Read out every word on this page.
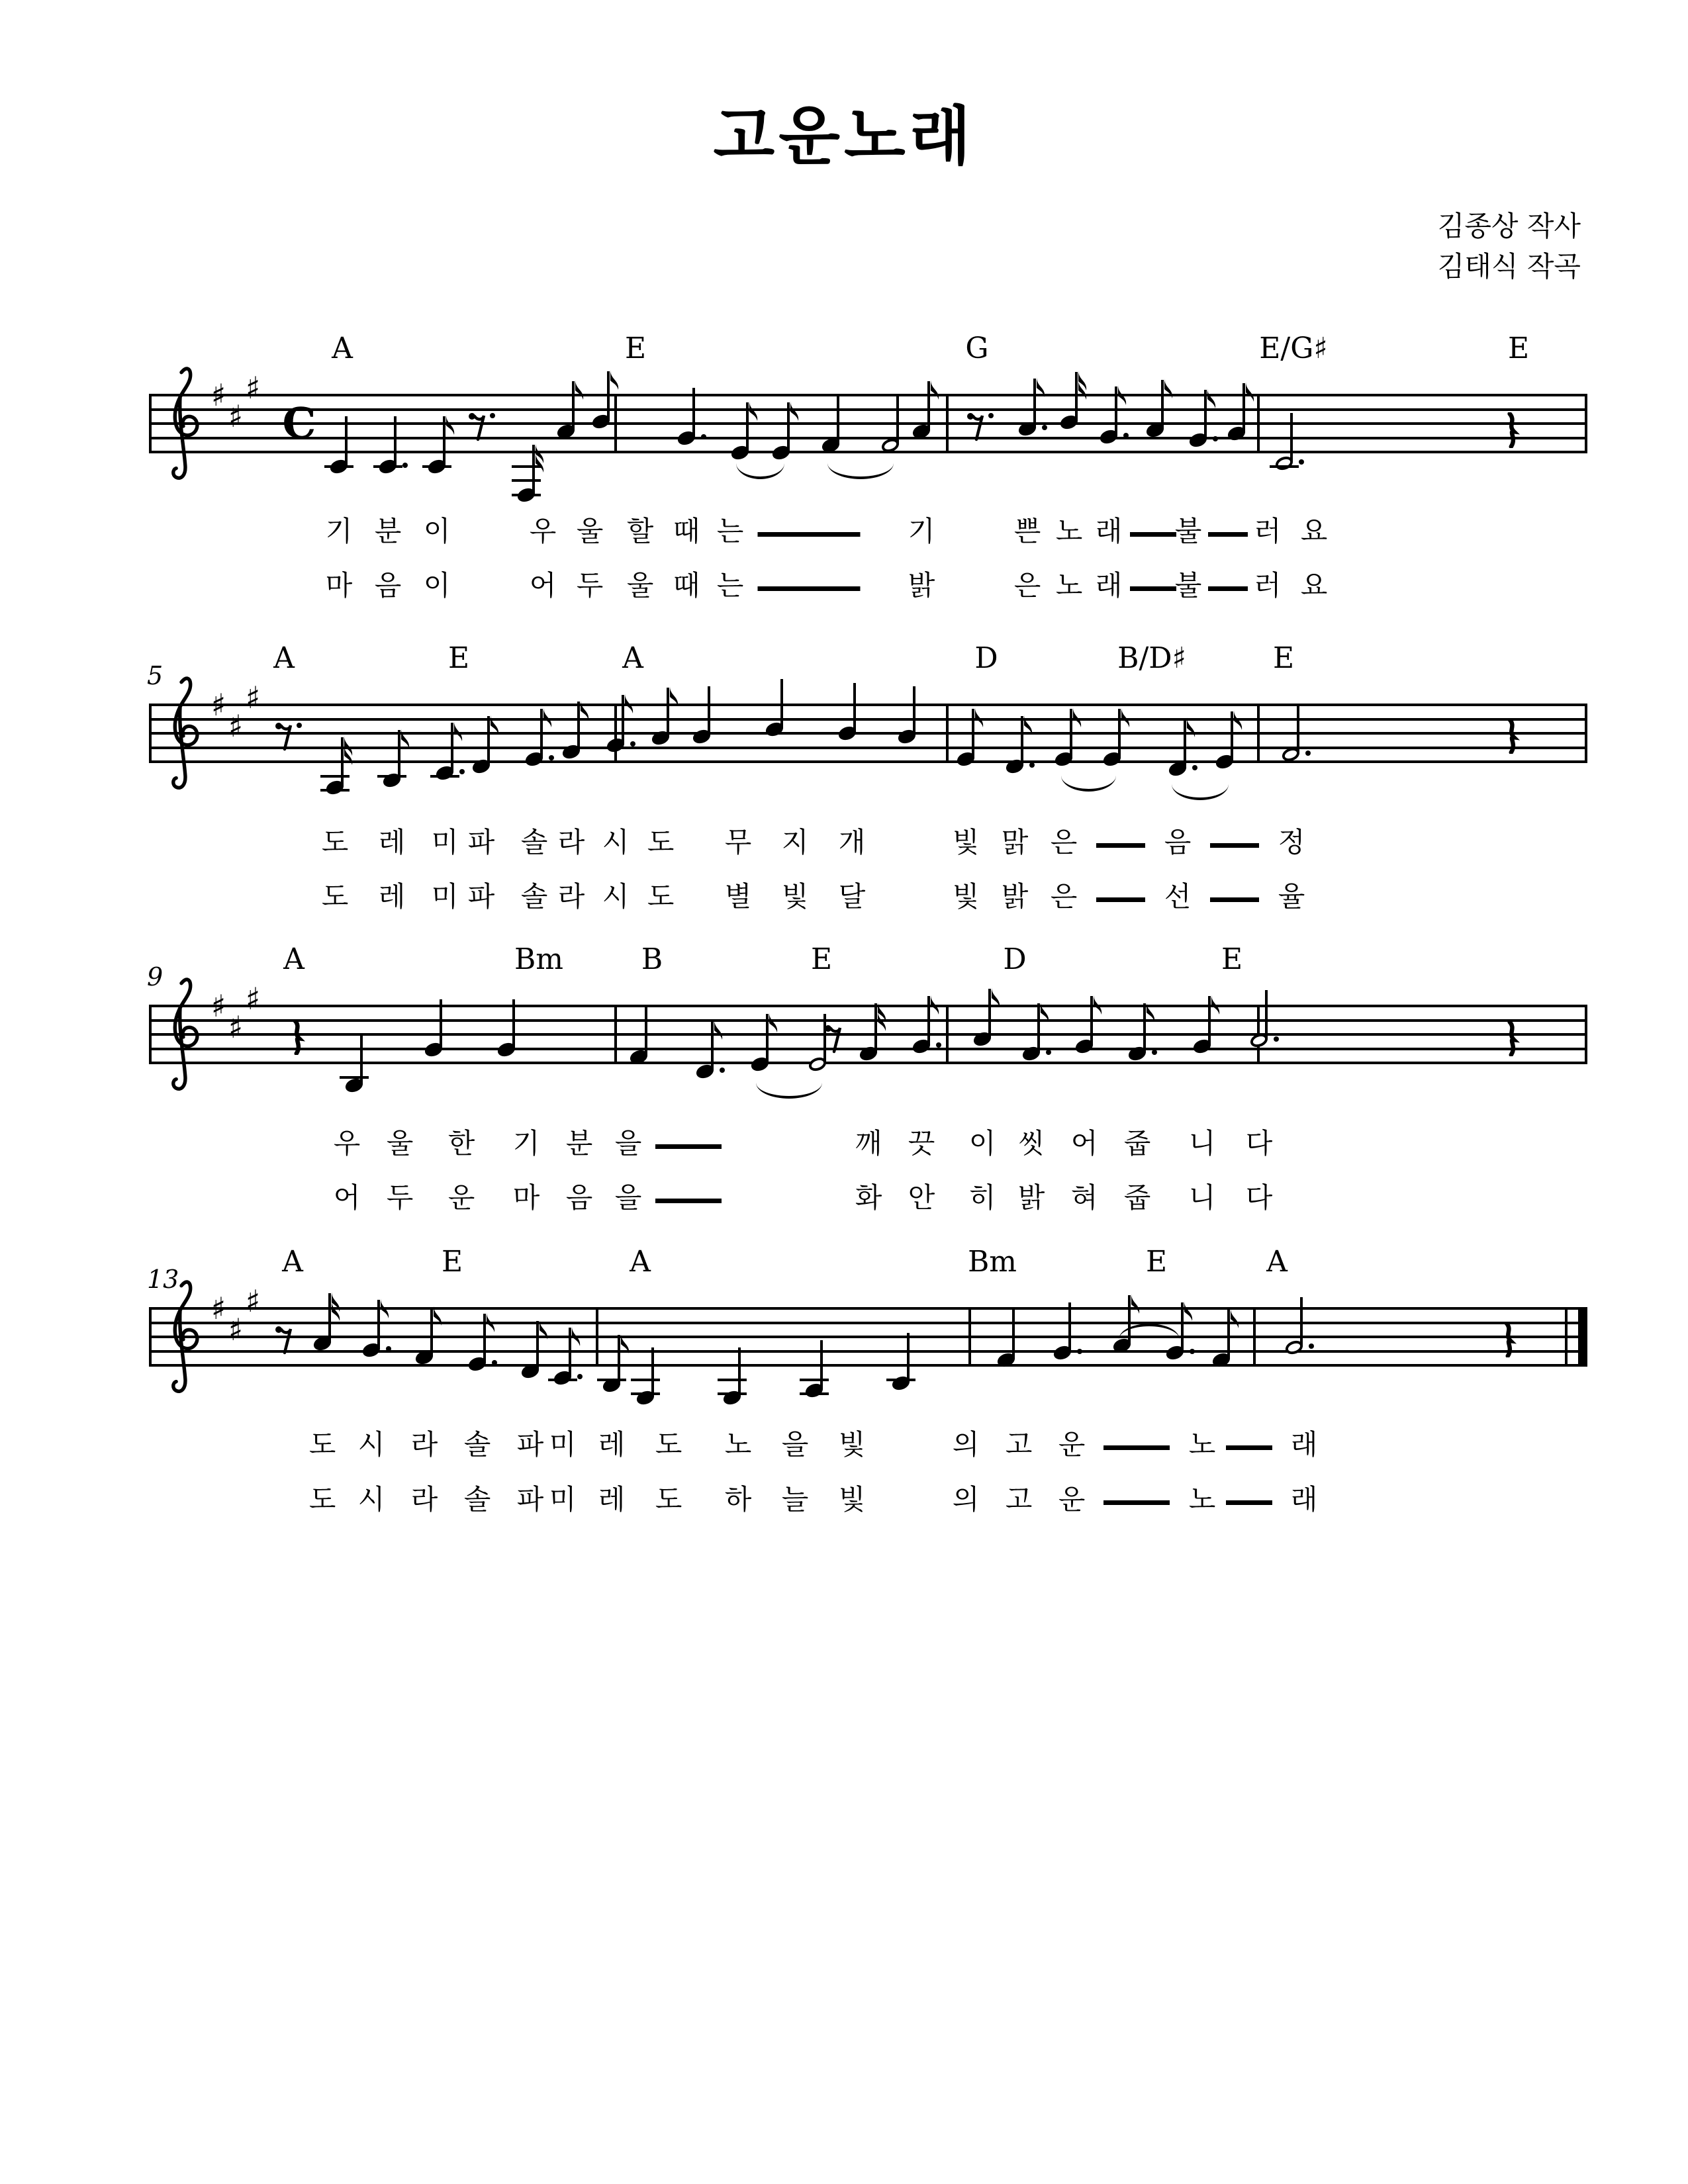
고운노래
김종상 작사
김태식 작곡
♯
♯
♯
C
A	E	G	E/G♯	E
기 분 이	우 울 할 때 는	기	쁜 노 래 불 러 요
마 음 이	어 두 울 때 는	밝	은 노 래 불 러 요
♯
♯
♯
5
A	E	A	D	B/D♯	E
도 레 미 파 솔 라 시 도 무 지 개	빛 맑 은	음	정
도 레 미 파 솔 라 시 도 별 빛 달	빛 밝 은	선	율
♯
♯
♯
9
A	Bm	B	E	D	E
우 울 한 기 분 을	깨 끗 이 씻 어 줍 니 다
어 두 운 마 음 을	화 안 히 밝 혀 줍 니 다
♯
♯
♯
13
A	E	A	Bm	E	A
도 시 라 솔 파 미 레 도 노 을 빛	의 고 운	노	래
도 시 라 솔 파 미 레 도 하 늘 빛	의 고 운	노	래
